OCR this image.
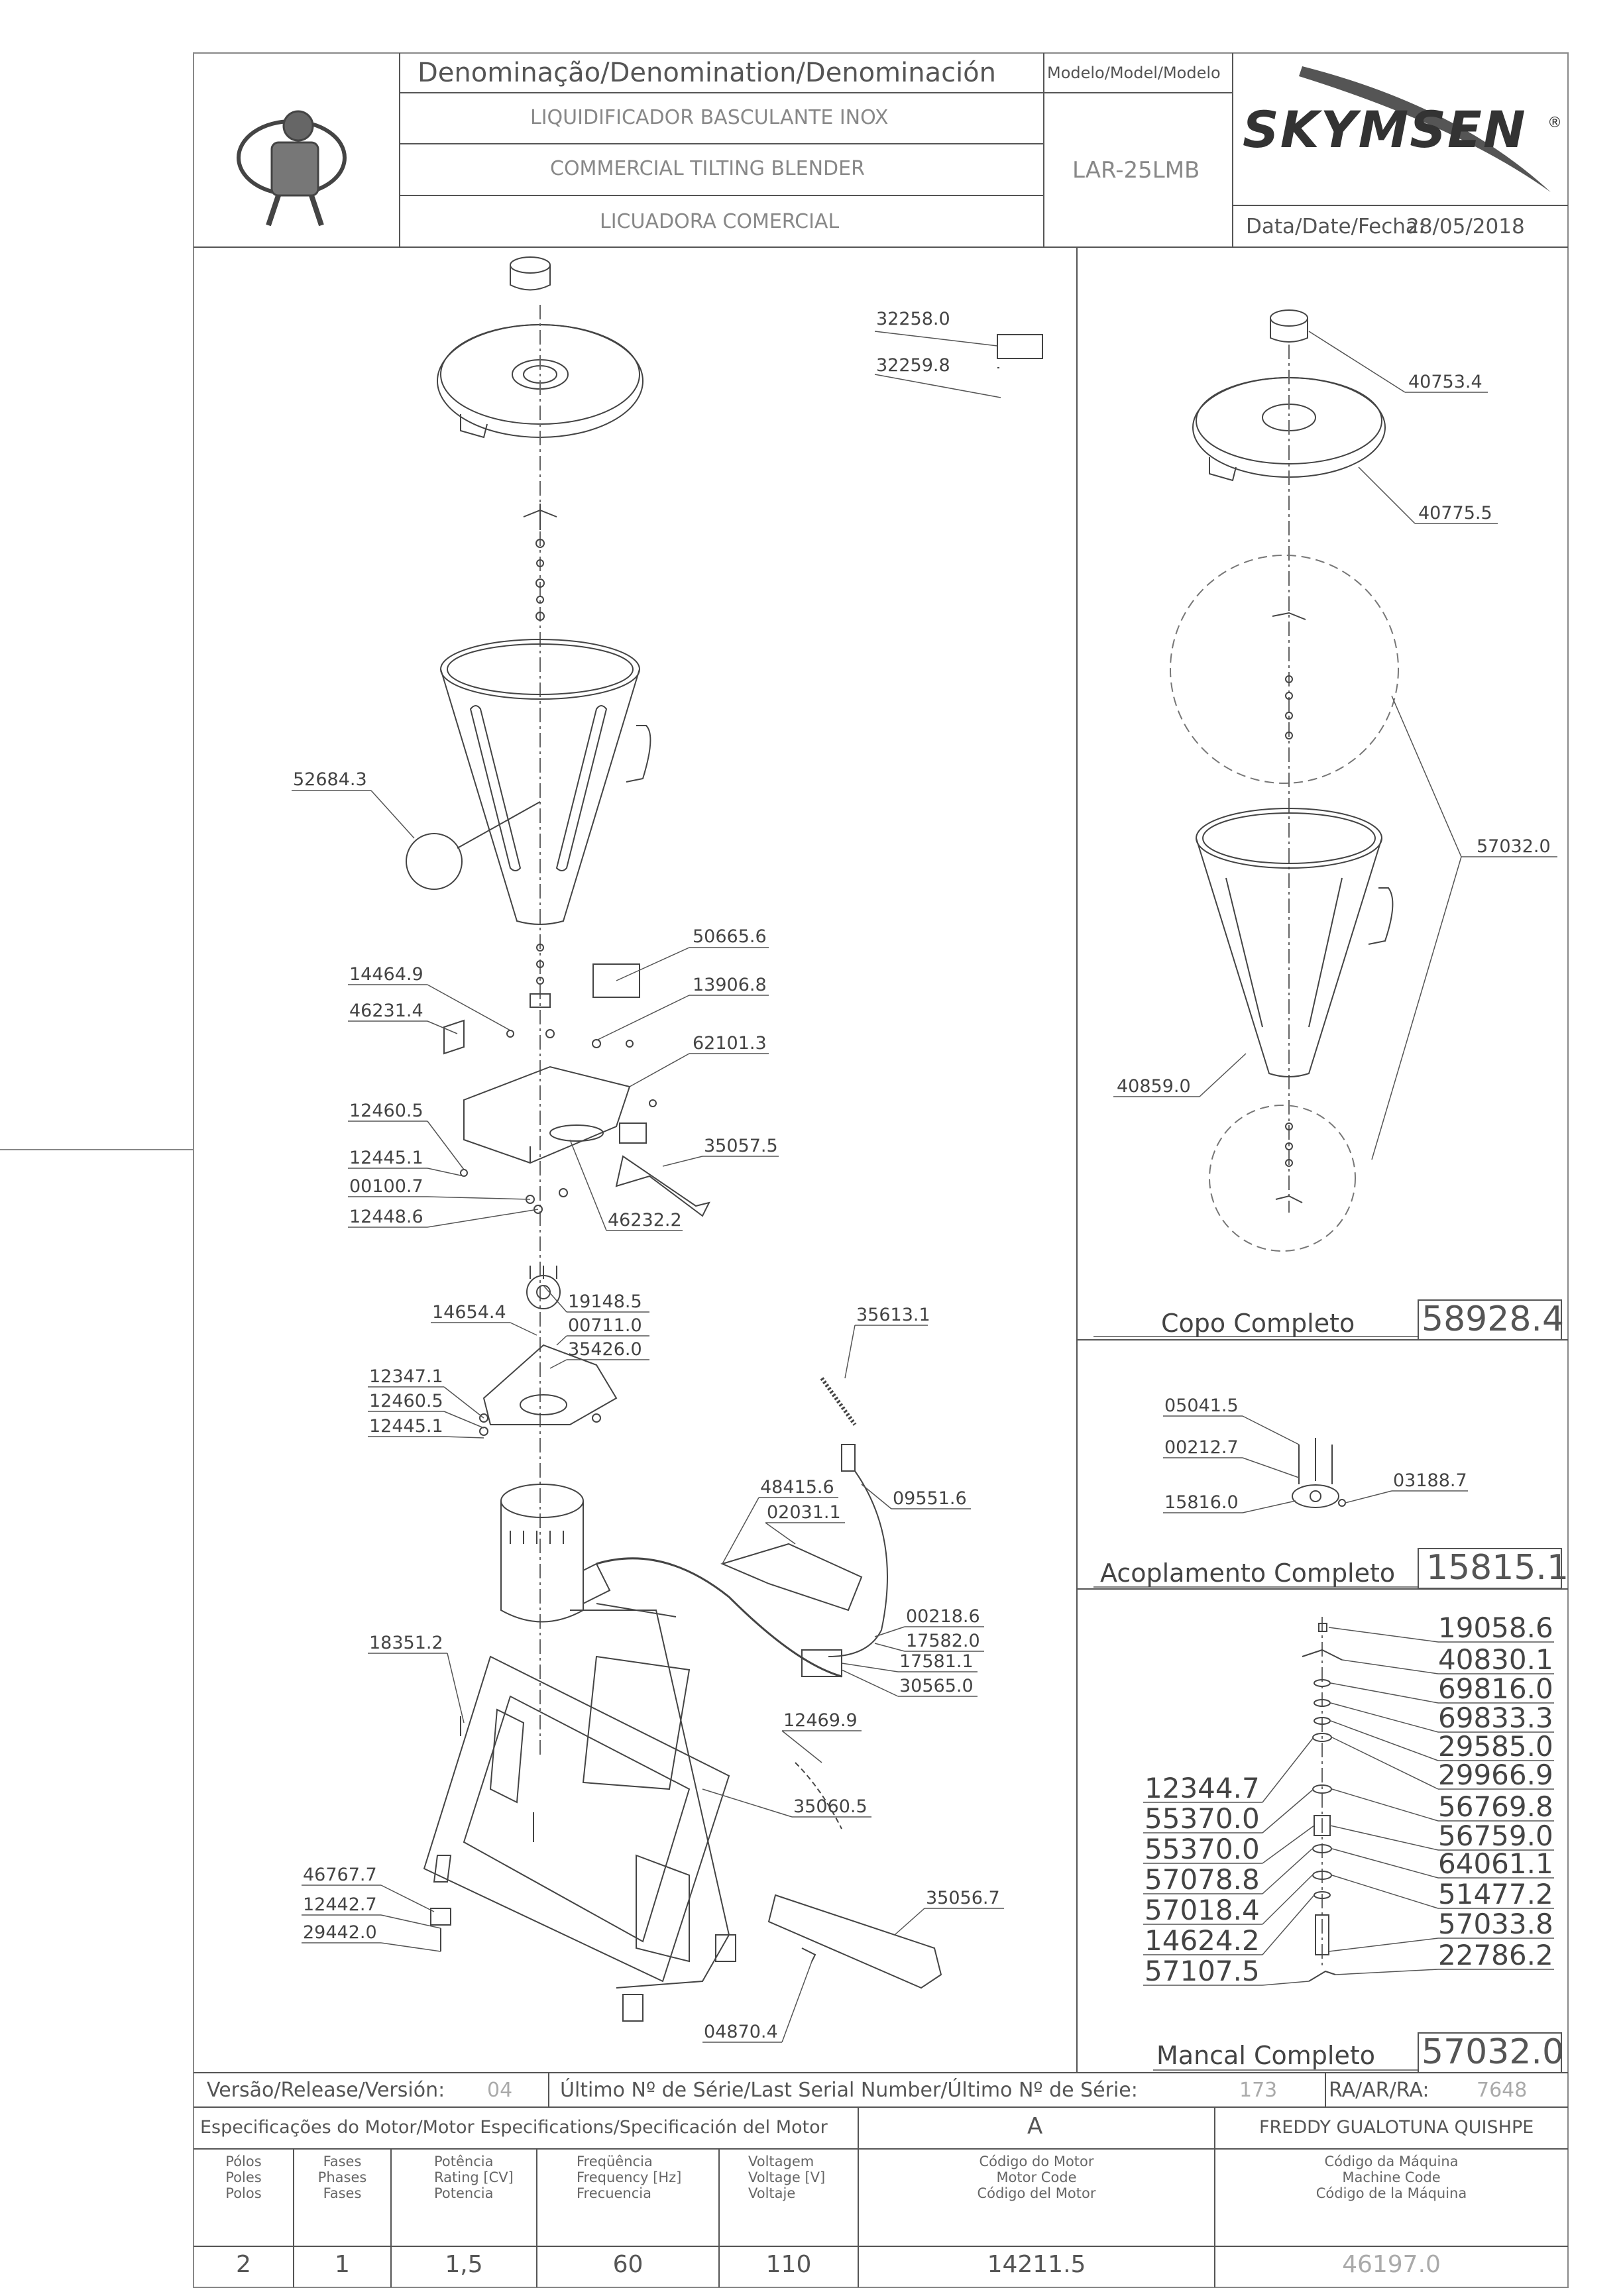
Denominação/Denomination/Denominación
LIQUIDIFICADOR BASCULANTE INOX
COMMERCIAL TILTING BLENDER
LICUADORA COMERCIAL
Modelo/Model/Modelo
LAR-25LMB
SKYMSEN ®
Data/Date/Fecha:
28/05/2018
32258.0
32259.8
52684.3
50665.6
14464.9
13906.8
46231.4
62101.3
12460.5
35057.5
12445.1
00100.7
12448.6	46232.2
19148.5
14654.4
00711.0
35426.0
35613.1
12347.1
12460.5
12445.1
48415.6
09551.6
02031.1
00218.6
17582.0
18351.2
17581.1
30565.0
12469.9
35060.5
46767.7
35056.7
12442.7
29442.0
04870.4
40753.4
40775.5
57032.0
40859.0
Copo Completo 58928.4
05041.5
00212.7
03188.7
15816.0
Acoplamento Completo 15815.1
19058.6
40830.1
69816.0
69833.3
29585.0
29966.9
56769.8
56759.0
64061.1
51477.2
57033.8
22786.2
12344.7
55370.0
55370.0
57078.8
57018.4
14624.2
57107.5
Mancal Completo 57032.0
Versão/Release/Versión: 04 Último Nº de Série/Last Serial Number/Último Nº de Série:	173	RA/AR/RA: 7648
Especificações do Motor/Motor Especifications/Specificación del Motor	A	FREDDY GUALOTUNA QUISHPE
Pólos
Poles
Polos
Fases
Phases
Fases
Potência
Rating [CV]
Potencia
Freqüência
Frequency [Hz]
Frecuencia
Voltagem
Voltage [V]
Voltaje
Código do Motor
Motor Code
Código del Motor
Código da Máquina
Machine Code
Código de la Máquina
2	1	1,5	60	110	14211.5	46197.0
